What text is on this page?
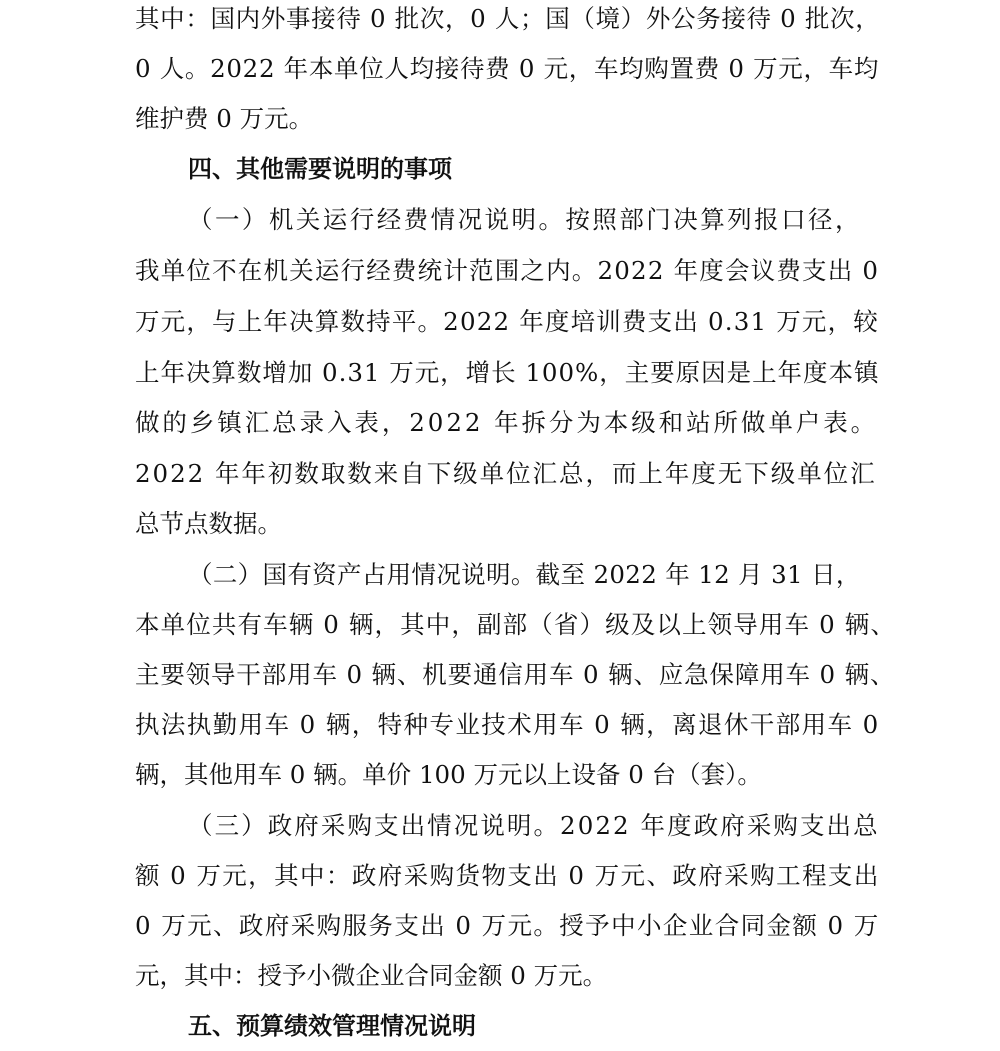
其中：国内外事接待 0 批次，0 人；国（境）外公务接待 0 批次，
0 人。2022 年本单位人均接待费 0 元，车均购置费 0 万元，车均
维护费 0 万元。
四、其他需要说明的事项
（一）机关运行经费情况说明。按照部门决算列报口径，
我单位不在机关运行经费统计范围之内。2022 年度会议费支出 0
万元，与上年决算数持平。2022 年度培训费支出 0.31 万元，较
上年决算数增加 0.31 万元，增长 100%，主要原因是上年度本镇
做的乡镇汇总录入表，2022 年拆分为本级和站所做单户表。
2022 年年初数取数来自下级单位汇总，而上年度无下级单位汇
总节点数据。
（二）国有资产占用情况说明。截至 2022 年 12 月 31 日，
本单位共有车辆 0 辆，其中，副部（省）级及以上领导用车 0 辆、
主要领导干部用车 0 辆、机要通信用车 0 辆、应急保障用车 0 辆、
执法执勤用车 0 辆，特种专业技术用车 0 辆，离退休干部用车 0
辆，其他用车 0 辆。单价 100 万元以上设备 0 台（套）。
（三）政府采购支出情况说明。2022 年度政府采购支出总
额 0 万元，其中：政府采购货物支出 0 万元、政府采购工程支出
0 万元、政府采购服务支出 0 万元。授予中小企业合同金额 0 万
元，其中：授予小微企业合同金额 0 万元。
五、预算绩效管理情况说明
